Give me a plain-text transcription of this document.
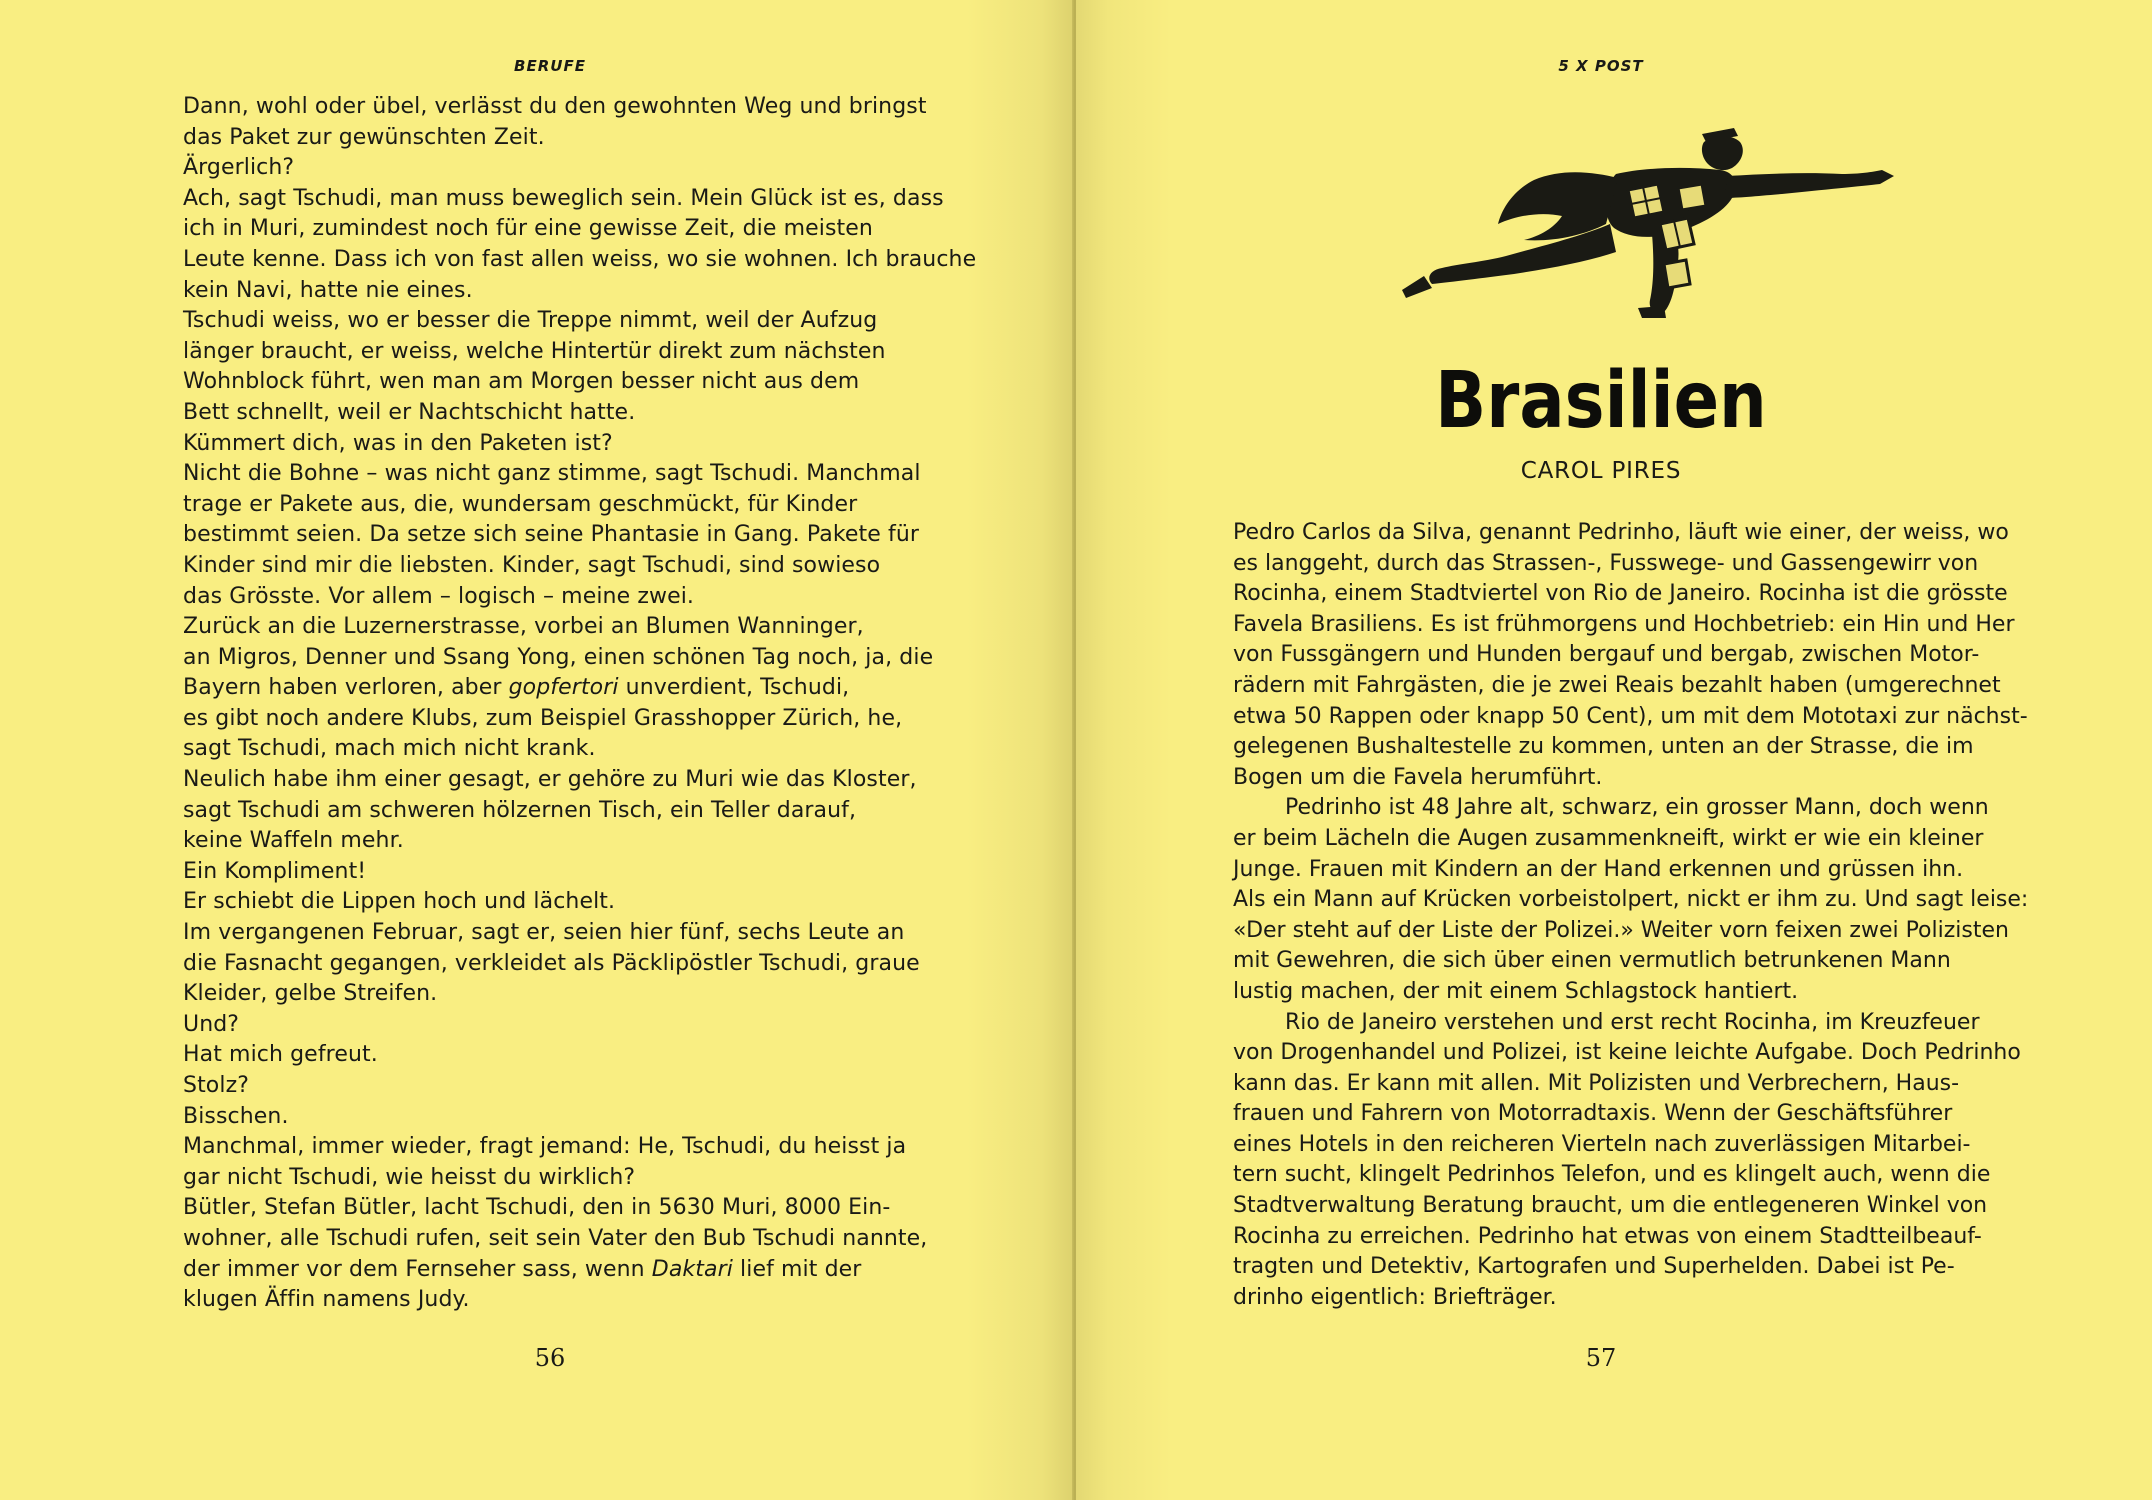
BERUFE

Dann, wohl oder übel, verlässt du den gewohnten Weg und bringst

das Paket zur gewünschten Zeit.

Ärgerlich?

Ach, sagt Tschudi, man muss beweglich sein. Mein Glück ist es, dass

ich in Muri, zumindest noch für eine gewisse Zeit, die meisten

Leute kenne. Dass ich von fast allen weiss, wo sie wohnen. Ich brauche

kein Navi, hatte nie eines.

Tschudi weiss, wo er besser die Treppe nimmt, weil der Aufzug

länger braucht, er weiss, welche Hintertür direkt zum nächsten

Wohnblock führt, wen man am Morgen besser nicht aus dem

Bett schnellt, weil er Nachtschicht hatte.

Kümmert dich, was in den Paketen ist?

Nicht die Bohne – was nicht ganz stimme, sagt Tschudi. Manchmal

trage er Pakete aus, die, wundersam geschmückt, für Kinder

bestimmt seien. Da setze sich seine Phantasie in Gang. Pakete für

Kinder sind mir die liebsten. Kinder, sagt Tschudi, sind sowieso

das Grösste. Vor allem – logisch – meine zwei.

Zurück an die Luzernerstrasse, vorbei an Blumen Wanninger,

an Migros, Denner und Ssang Yong, einen schönen Tag noch, ja, die

Bayern haben verloren, aber gopfertori unverdient, Tschudi,

es gibt noch andere Klubs, zum Beispiel Grasshopper Zürich, he,

sagt Tschudi, mach mich nicht krank.

Neulich habe ihm einer gesagt, er gehöre zu Muri wie das Kloster,

sagt Tschudi am schweren hölzernen Tisch, ein Teller darauf,

keine Waffeln mehr.

Ein Kompliment!

Er schiebt die Lippen hoch und lächelt.

Im vergangenen Februar, sagt er, seien hier fünf, sechs Leute an

die Fasnacht gegangen, verkleidet als Päcklipöstler Tschudi, graue

Kleider, gelbe Streifen.

Und?

Hat mich gefreut.

Stolz?

Bisschen.

Manchmal, immer wieder, fragt jemand: He, Tschudi, du heisst ja

gar nicht Tschudi, wie heisst du wirklich?

Bütler, Stefan Bütler, lacht Tschudi, den in 5630 Muri, 8000 Ein-

wohner, alle Tschudi rufen, seit sein Vater den Bub Tschudi nannte,

der immer vor dem Fernseher sass, wenn Daktari lief mit der

klugen Äffin namens Judy.

56

5 X POST

Brasilien

CAROL PIRES

Pedro Carlos da Silva, genannt Pedrinho, läuft wie einer, der weiss, wo

es langgeht, durch das Strassen-, Fusswege- und Gassengewirr von

Rocinha, einem Stadtviertel von Rio de Janeiro. Rocinha ist die grösste

Favela Brasiliens. Es ist frühmorgens und Hochbetrieb: ein Hin und Her

von Fussgängern und Hunden bergauf und bergab, zwischen Motor-

rädern mit Fahrgästen, die je zwei Reais bezahlt haben (umgerechnet

etwa 50 Rappen oder knapp 50 Cent), um mit dem Mototaxi zur nächst-

gelegenen Bushaltestelle zu kommen, unten an der Strasse, die im

Bogen um die Favela herumführt.

Pedrinho ist 48 Jahre alt, schwarz, ein grosser Mann, doch wenn

er beim Lächeln die Augen zusammenkneift, wirkt er wie ein kleiner

Junge. Frauen mit Kindern an der Hand erkennen und grüssen ihn.

Als ein Mann auf Krücken vorbeistolpert, nickt er ihm zu. Und sagt leise:

«Der steht auf der Liste der Polizei.» Weiter vorn feixen zwei Polizisten

mit Gewehren, die sich über einen vermutlich betrunkenen Mann

lustig machen, der mit einem Schlagstock hantiert.

Rio de Janeiro verstehen und erst recht Rocinha, im Kreuzfeuer

von Drogenhandel und Polizei, ist keine leichte Aufgabe. Doch Pedrinho

kann das. Er kann mit allen. Mit Polizisten und Verbrechern, Haus-

frauen und Fahrern von Motorradtaxis. Wenn der Geschäftsführer

eines Hotels in den reicheren Vierteln nach zuverlässigen Mitarbei-

tern sucht, klingelt Pedrinhos Telefon, und es klingelt auch, wenn die

Stadtverwaltung Beratung braucht, um die entlegeneren Winkel von

Rocinha zu erreichen. Pedrinho hat etwas von einem Stadtteilbeauf-

tragten und Detektiv, Kartografen und Superhelden. Dabei ist Pe-

drinho eigentlich: Briefträger.

57
